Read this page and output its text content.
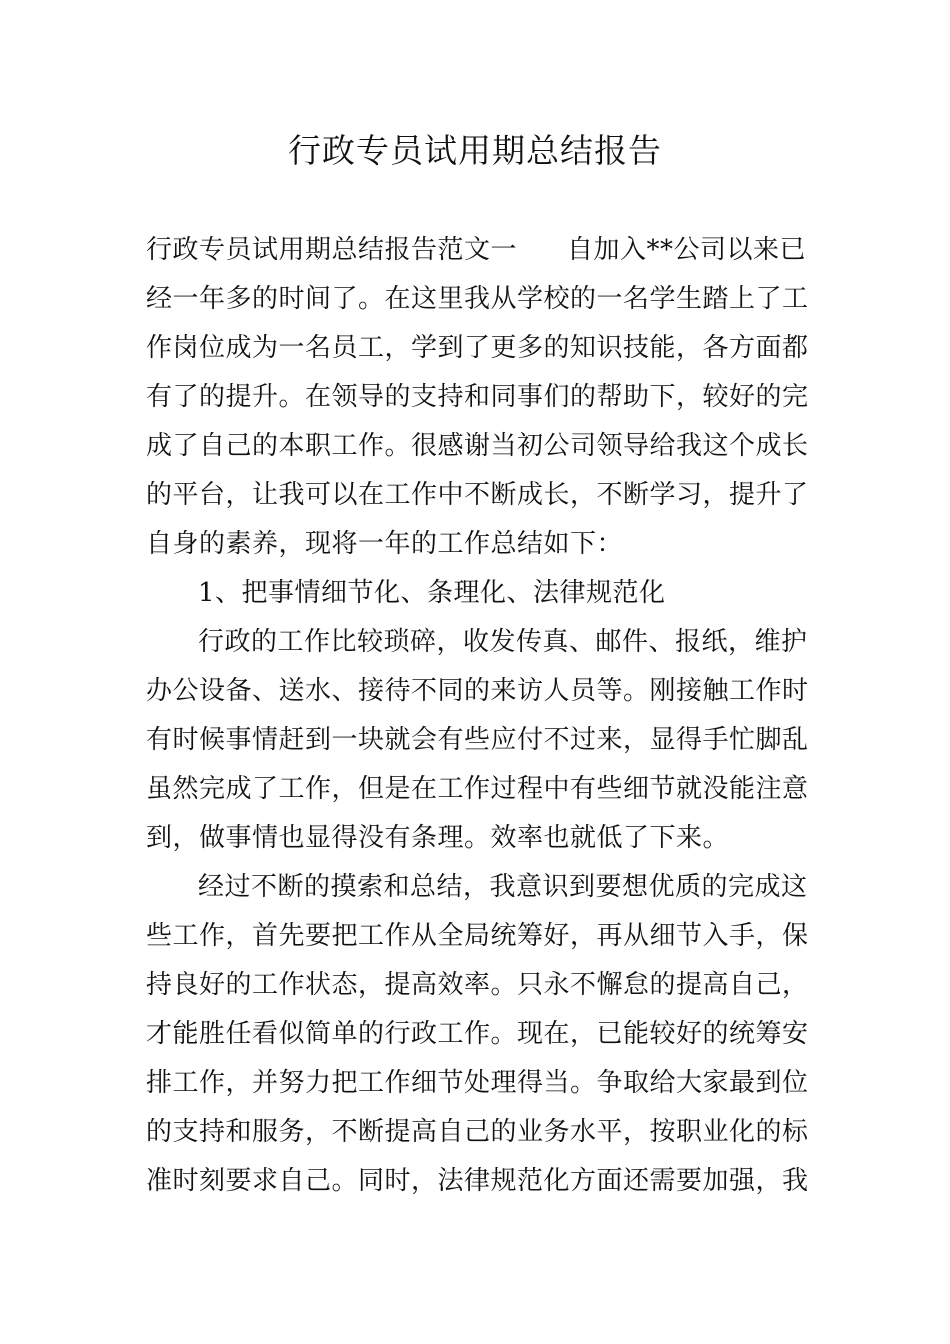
行政专员试用期总结报告
行政专员试用期总结报告范文一 自加入**公司以来已
经一年多的时间了。在这里我从学校的一名学生踏上了工
作岗位成为一名员工，学到了更多的知识技能，各方面都
有了的提升。在领导的支持和同事们的帮助下，较好的完
成了自己的本职工作。很感谢当初公司领导给我这个成长
的平台，让我可以在工作中不断成长，不断学习，提升了
自身的素养，现将一年的工作总结如下：
1、把事情细节化、条理化、法律规范化
行政的工作比较琐碎，收发传真、邮件、报纸，维护
办公设备、送水、接待不同的来访人员等。刚接触工作时
有时候事情赶到一块就会有些应付不过来，显得手忙脚乱
虽然完成了工作，但是在工作过程中有些细节就没能注意
到，做事情也显得没有条理。效率也就低了下来。
经过不断的摸索和总结，我意识到要想优质的完成这
些工作，首先要把工作从全局统筹好，再从细节入手，保
持良好的工作状态，提高效率。只永不懈怠的提高自己，
才能胜任看似简单的行政工作。现在，已能较好的统筹安
排工作，并努力把工作细节处理得当。争取给大家最到位
的支持和服务，不断提高自己的业务水平，按职业化的标
准时刻要求自己。同时，法律规范化方面还需要加强，我
